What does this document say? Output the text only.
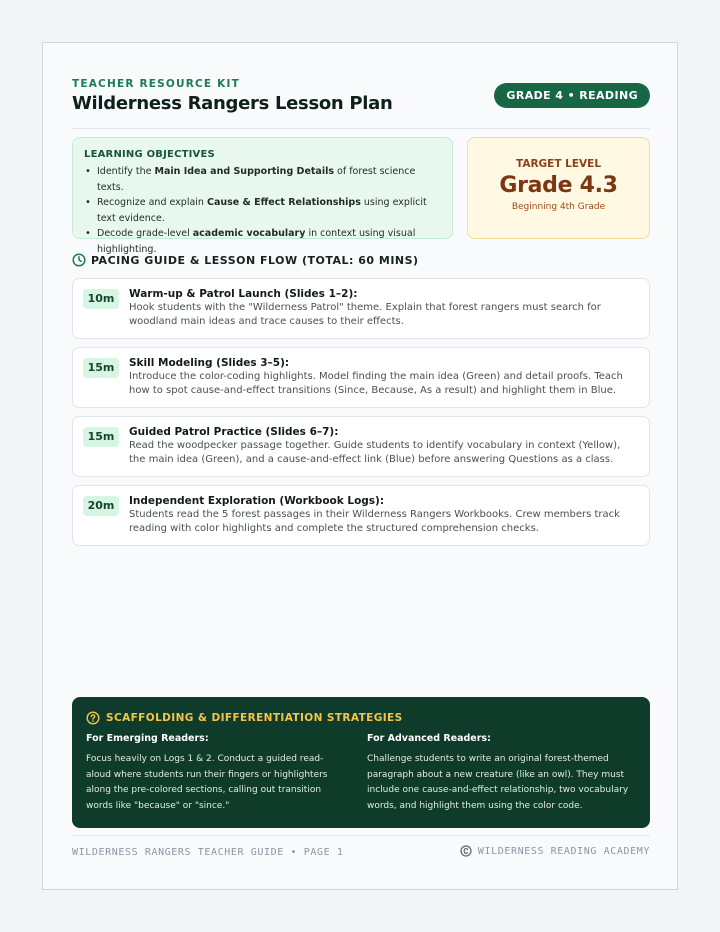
TEACHER RESOURCE KIT
Wilderness Rangers Lesson Plan	GRADE 4 • READING
LEARNING OBJECTIVES
• Identify the Main Idea and Supporting Details of forest science texts.
• Recognize and explain Cause & Effect Relationships using explicit text evidence.
• Decode grade-level academic vocabulary in context using visual highlighting.
TARGET LEVEL
Grade 4.3
Beginning 4th Grade
PACING GUIDE & LESSON FLOW (TOTAL: 60 MINS)
10m	Warm-up & Patrol Launch (Slides 1–2):
Hook students with the "Wilderness Patrol" theme. Explain that forest rangers must search for woodland main ideas and trace causes to their effects.
15m	Skill Modeling (Slides 3–5):
Introduce the color-coding highlights. Model finding the main idea (Green) and detail proofs. Teach how to spot cause-and-effect transitions (Since, Because, As a result) and highlight them in Blue.
15m	Guided Patrol Practice (Slides 6–7):
Read the woodpecker passage together. Guide students to identify vocabulary in context (Yellow), the main idea (Green), and a cause-and-effect link (Blue) before answering Questions as a class.
20m	Independent Exploration (Workbook Logs):
Students read the 5 forest passages in their Wilderness Rangers Workbooks. Crew members track reading with color highlights and complete the structured comprehension checks.
SCAFFOLDING & DIFFERENTIATION STRATEGIES
For Emerging Readers:
Focus heavily on Logs 1 & 2. Conduct a guided read-aloud where students run their fingers or highlighters along the pre-colored sections, calling out transition words like "because" or "since."
For Advanced Readers:
Challenge students to write an original forest-themed paragraph about a new creature (like an owl). They must include one cause-and-effect relationship, two vocabulary words, and highlight them using the color code.
WILDERNESS RANGERS TEACHER GUIDE • PAGE 1	WILDERNESS READING ACADEMY
